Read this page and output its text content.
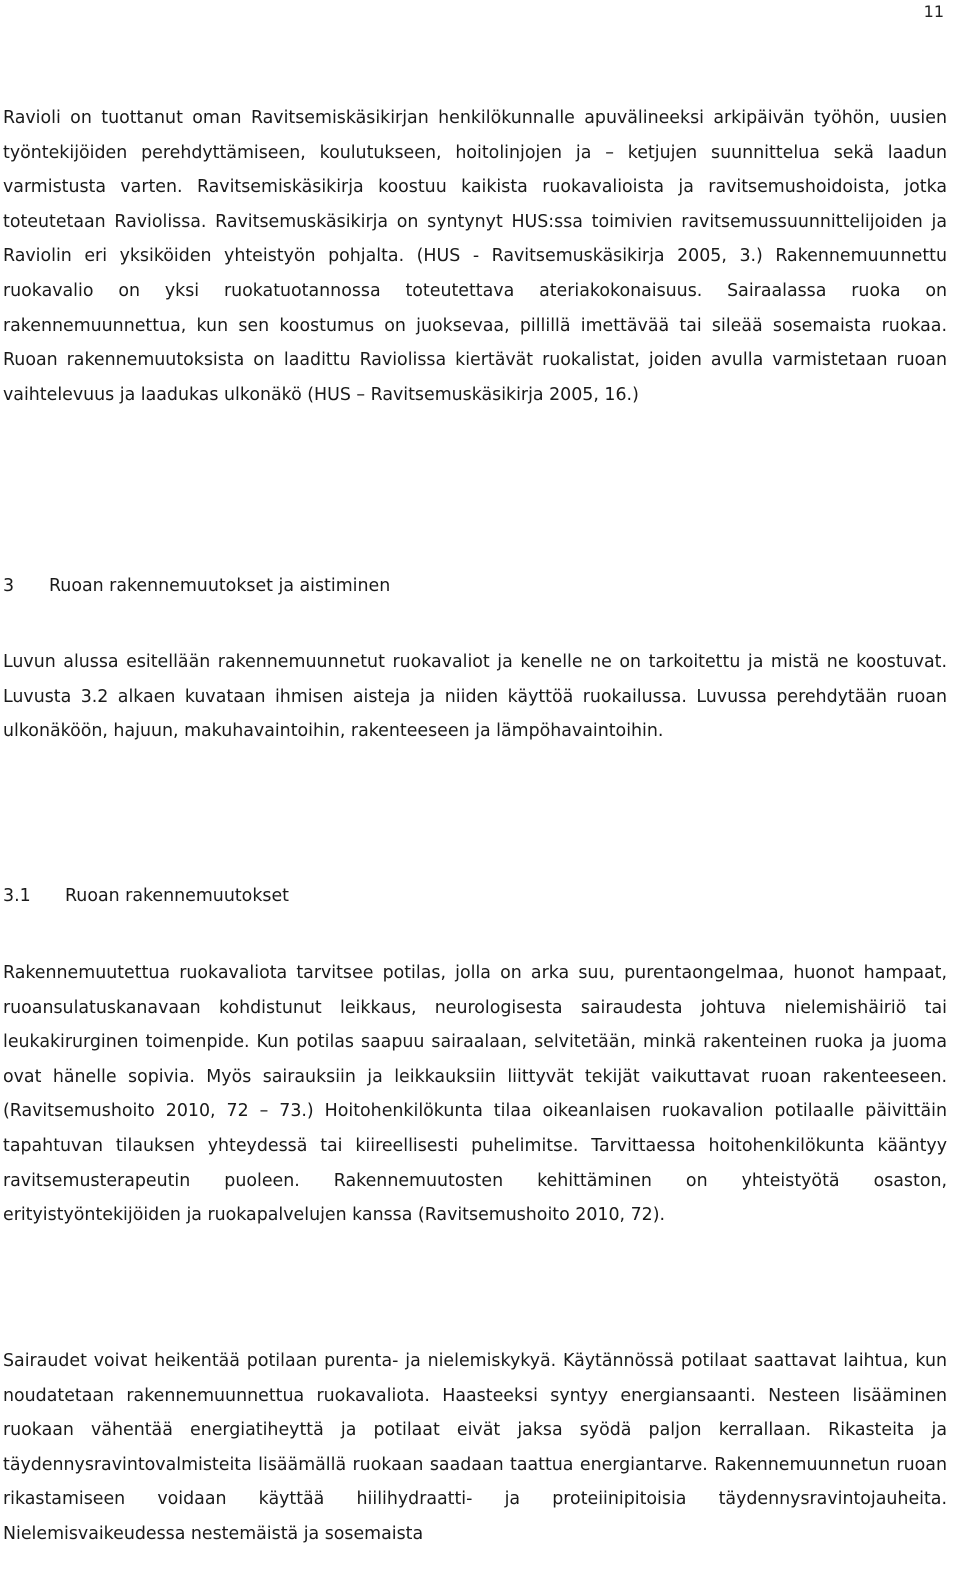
11

Ravioli on tuottanut oman Ravitsemiskäsikirjan henkilökunnalle apuvälineeksi arkipäivän työhön, uusien työntekijöiden perehdyttämiseen, koulutukseen, hoitolinjojen ja – ketjujen suunnittelua sekä laadun varmistusta varten. Ravitsemiskäsikirja koostuu kaikista ruokavalioista ja ravitsemushoidoista, jotka toteutetaan Raviolissa. Ravitsemuskäsikirja on syntynyt HUS:ssa toimivien ravitsemussuunnittelijoiden ja Raviolin eri yksiköiden yhteistyön pohjalta. (HUS - Ravitsemuskäsikirja 2005, 3.) Rakennemuunnettu ruokavalio on yksi ruokatuotannossa toteutettava ateriakokonaisuus. Sairaalassa ruoka on rakennemuunnettua, kun sen koostumus on juoksevaa, pillillä imettävää tai sileää sosemaista ruokaa. Ruoan rakennemuutoksista on laadittu Raviolissa kiertävät ruokalistat, joiden avulla varmistetaan ruoan vaihtelevuus ja laadukas ulkonäkö (HUS – Ravitsemuskäsikirja 2005, 16.)

3 Ruoan rakennemuutokset ja aistiminen

Luvun alussa esitellään rakennemuunnetut ruokavaliot ja kenelle ne on tarkoitettu ja mistä ne koostuvat. Luvusta 3.2 alkaen kuvataan ihmisen aisteja ja niiden käyttöä ruokailussa. Luvussa perehdytään ruoan ulkonäköön, hajuun, makuhavaintoihin, rakenteeseen ja lämpöhavaintoihin.

3.1 Ruoan rakennemuutokset

Rakennemuutettua ruokavaliota tarvitsee potilas, jolla on arka suu, purentaongelmaa, huonot hampaat, ruoansulatuskanavaan kohdistunut leikkaus, neurologisesta sairaudesta johtuva nielemishäiriö tai leukakirurginen toimenpide. Kun potilas saapuu sairaalaan, selvitetään, minkä rakenteinen ruoka ja juoma ovat hänelle sopivia. Myös sairauksiin ja leikkauksiin liittyvät tekijät vaikuttavat ruoan rakenteeseen. (Ravitsemushoito 2010, 72 – 73.) Hoitohenkilökunta tilaa oikeanlaisen ruokavalion potilaalle päivittäin tapahtuvan tilauksen yhteydessä tai kiireellisesti puhelimitse. Tarvittaessa hoitohenkilökunta kääntyy ravitsemusterapeutin puoleen. Rakennemuutosten kehittäminen on yhteistyötä osaston, erityistyöntekijöiden ja ruokapalvelujen kanssa (Ravitsemushoito 2010, 72).

Sairaudet voivat heikentää potilaan purenta- ja nielemiskykyä. Käytännössä potilaat saattavat laihtua, kun noudatetaan rakennemuunnettua ruokavaliota. Haasteeksi syntyy energiansaanti. Nesteen lisääminen ruokaan vähentää energiatiheyttä ja potilaat eivät jaksa syödä paljon kerrallaan. Rikasteita ja täydennysravintovalmisteita lisäämällä ruokaan saadaan taattua energiantarve. Rakennemuunnetun ruoan rikastamiseen voidaan käyttää hiilihydraatti- ja proteiinipitoisia täydennysravintojauheita. Nielemisvaikeudessa nestemäistä ja sosemaista
